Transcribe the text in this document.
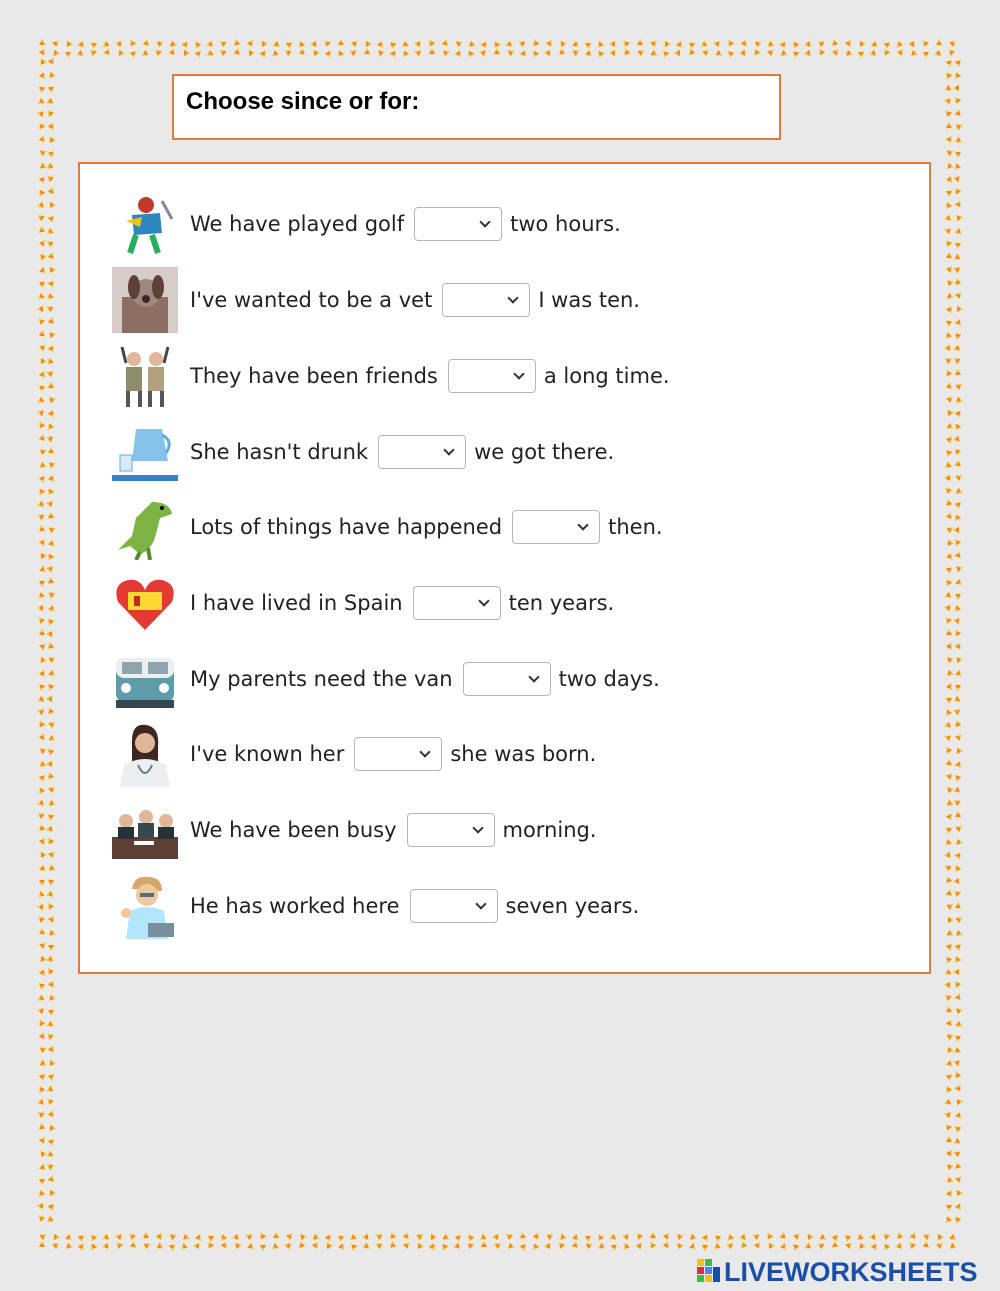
Choose since or for:
We have played golf	two hours.
I've wanted to be a vet	I was ten.
They have been friends	a long time.
She hasn't drunk	we got there.
Lots of things have happened	then.
I have lived in Spain	ten years.
My parents need the van	two days.
I've known her	she was born.
We have been busy	morning.
He has worked here	seven years.
LIVEWORKSHEETS
